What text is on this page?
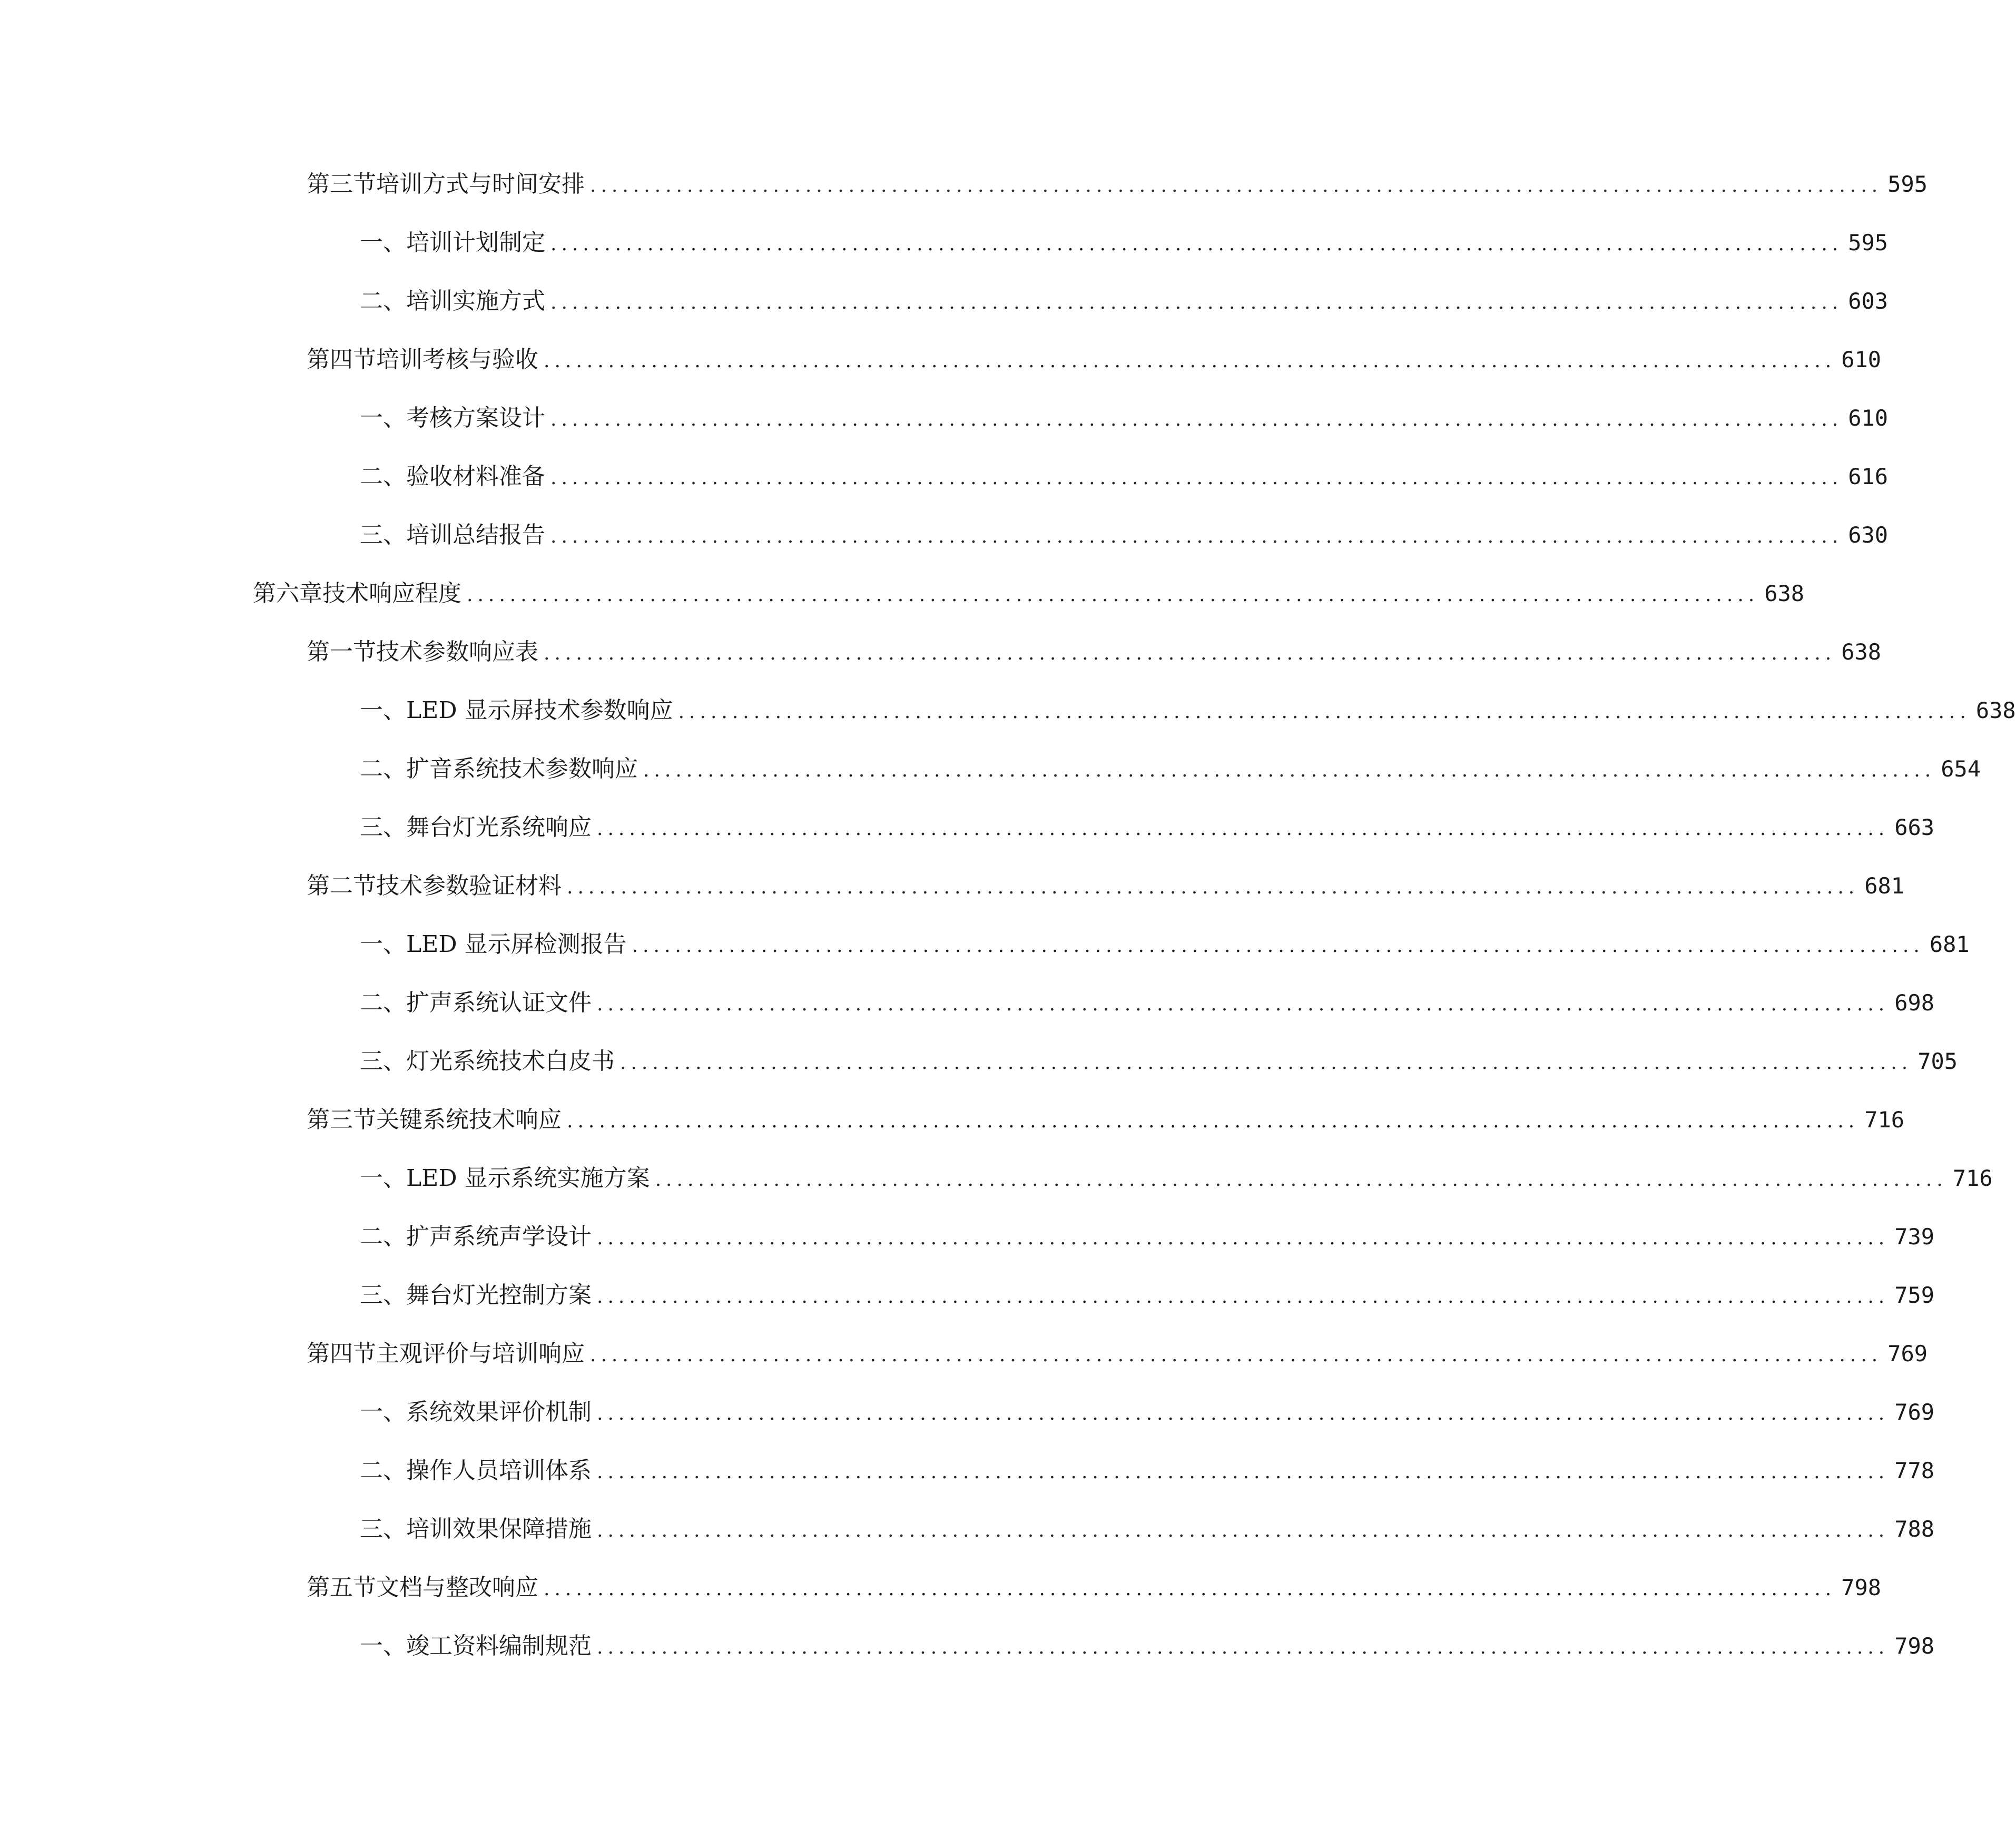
第三节 培训方式与时间安排 ........................................................................................................................ 595
一、 培训计划制定 ........................................................................................................................ 595
二、 培训实施方式 ........................................................................................................................ 603
第四节 培训考核与验收 ........................................................................................................................ 610
一、 考核方案设计 ........................................................................................................................ 610
二、 验收材料准备 ........................................................................................................................ 616
三、 培训总结报告 ........................................................................................................................ 630
第六章 技术响应程度 ........................................................................................................................ 638
第一节 技术参数响应表 ........................................................................................................................ 638
一、 LED 显示屏技术参数响应 ........................................................................................................................ 638
二、 扩音系统技术参数响应 ........................................................................................................................ 654
三、 舞台灯光系统响应 ........................................................................................................................ 663
第二节 技术参数验证材料 ........................................................................................................................ 681
一、 LED 显示屏检测报告 ........................................................................................................................ 681
二、 扩声系统认证文件 ........................................................................................................................ 698
三、 灯光系统技术白皮书 ........................................................................................................................ 705
第三节 关键系统技术响应 ........................................................................................................................ 716
一、 LED 显示系统实施方案 ........................................................................................................................ 716
二、 扩声系统声学设计 ........................................................................................................................ 739
三、 舞台灯光控制方案 ........................................................................................................................ 759
第四节 主观评价与培训响应 ........................................................................................................................ 769
一、 系统效果评价机制 ........................................................................................................................ 769
二、 操作人员培训体系 ........................................................................................................................ 778
三、 培训效果保障措施 ........................................................................................................................ 788
第五节 文档与整改响应 ........................................................................................................................ 798
一、 竣工资料编制规范 ........................................................................................................................ 798
